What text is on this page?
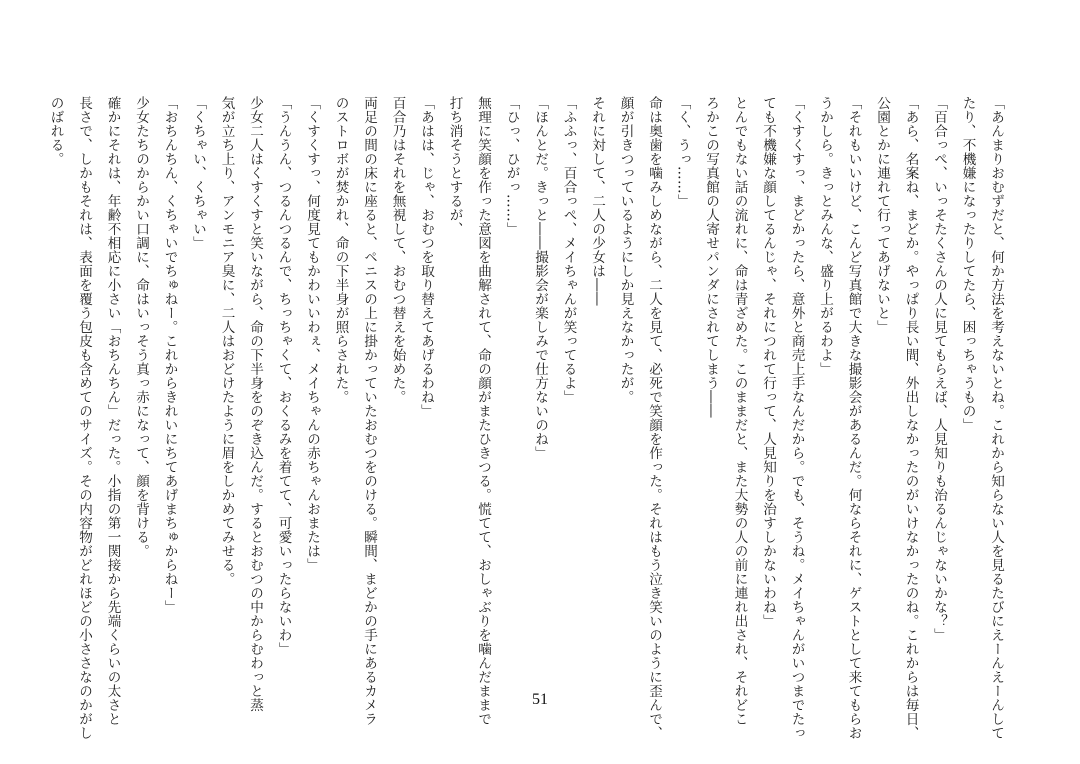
「あんまりおむずだと、何か方法を考えないとね。これから知らない人を見るたびにえーんえーんして
たり、不機嫌になったりしてたら、困っちゃうもの」
「百合っぺ、いっそたくさんの人に見てもらえば、人見知りも治るんじゃないかな？」
「あら、名案ね、まどか。やっぱり長い間、外出しなかったのがいけなかったのね。これからは毎日、
公園とかに連れて行ってあげないと」
「それもいいけど、こんど写真館で大きな撮影会があるんだ。何ならそれに、ゲストとして来てもらお
うかしら。きっとみんな、盛り上がるわよ」
「くすくすっ、まどかったら、意外と商売上手なんだから。でも、そうね。メイちゃんがいつまでたっ
ても不機嫌な顔してるんじゃ、それにつれて行って、人見知りを治すしかないわね」
とんでもない話の流れに、命は青ざめた。このままだと、また大勢の人の前に連れ出され、それどこ
ろかこの写真館の人寄せパンダにされてしまう――
「く、うっ……」
命は奥歯を噛みしめながら、二人を見て、必死で笑顔を作った。それはもう泣き笑いのように歪んで、
顔が引きつっているようにしか見えなかったが。
それに対して、二人の少女は――
「ふふっ、百合っぺ、メイちゃんが笑ってるよ」
「ほんとだ。きっと――撮影会が楽しみで仕方ないのね」
「ひっ、ひがっ……」
無理に笑顔を作った意図を曲解されて、命の顔がまたひきつる。慌てて、おしゃぶりを噛んだままで
打ち消そうとするが、
「あはは、じゃ、おむつを取り替えてあげるわね」
百合乃はそれを無視して、おむつ替えを始めた。
両足の間の床に座ると、ペニスの上に掛かっていたおむつをのける。瞬間、まどかの手にあるカメラ
のストロボが焚かれ、命の下半身が照らされた。
「くすくすっ、何度見てもかわいいわぇ、メイちゃんの赤ちゃんおまたは」
「うんうん、つるんつるんで、ちっちゃくて、おくるみを着てて、可愛いったらないわ」
少女二人はくすくすと笑いながら、命の下半身をのぞき込んだ。するとおむつの中からむわっと蒸
気が立ち上り、アンモニア臭に、二人はおどけたように眉をしかめてみせる。
「くちゃい、くちゃい」
「おちんちん、くちゃいでちゅねー。これからきれいにちてあげまちゅからねー」
少女たちのからかい口調に、命はいっそう真っ赤になって、顔を背ける。
確かにそれは、年齢不相応に小さい「おちんちん」だった。小指の第一関接から先端くらいの太さと
長さで、しかもそれは、表面を覆う包皮も含めてのサイズ。その内容物がどれほどの小ささなのかがし
のばれる。
51
